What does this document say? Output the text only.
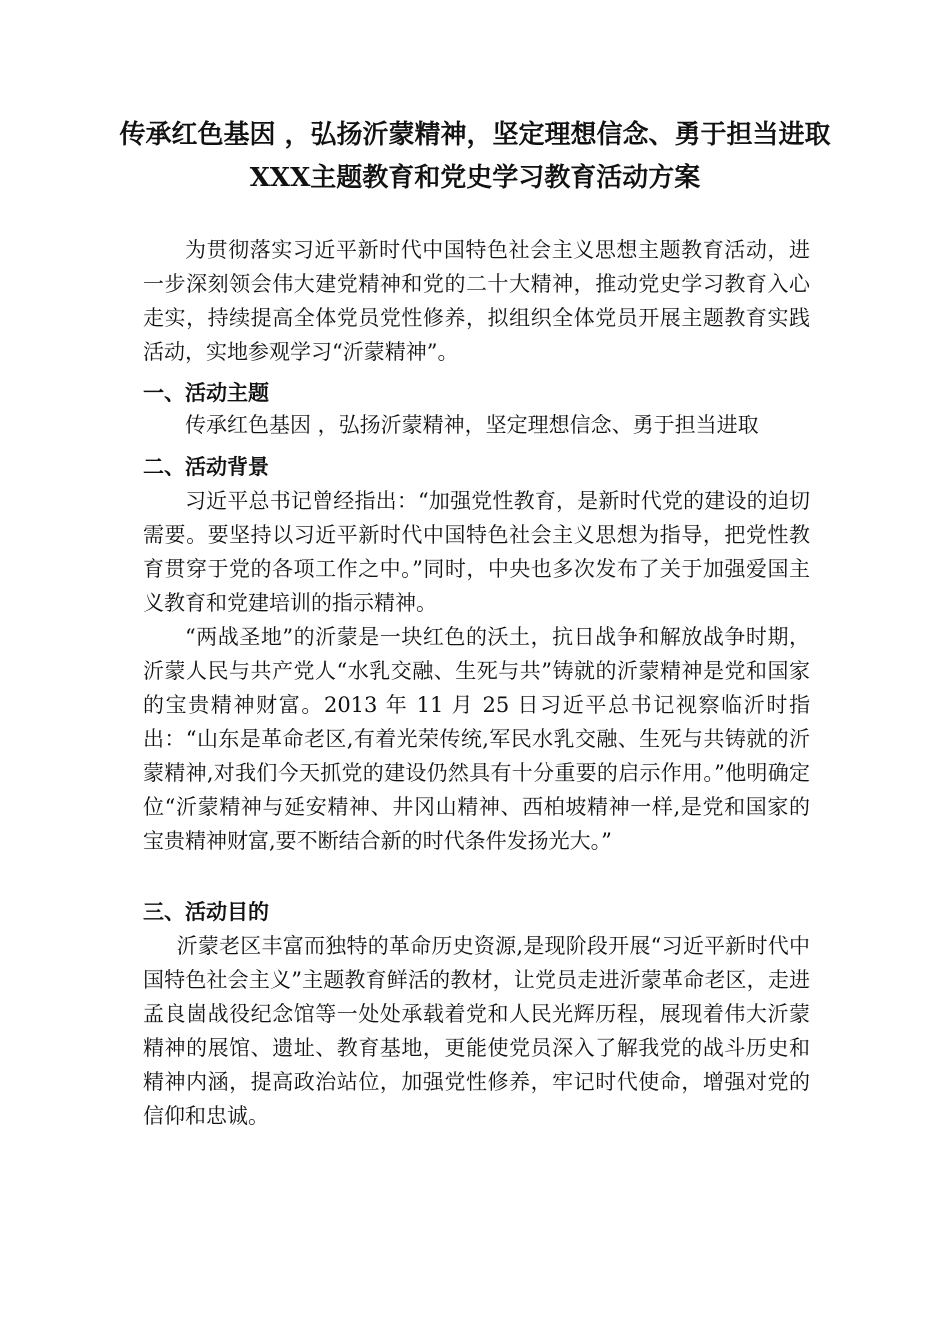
传承红色基因 ，弘扬沂蒙精神，坚定理想信念、勇于担当进取
XXX主题教育和党史学习教育活动方案

为贯彻落实习近平新时代中国特色社会主义思想主题教育活动，进一步深刻领会伟大建党精神和党的二十大精神，推动党史学习教育入心走实，持续提高全体党员党性修养，拟组织全体党员开展主题教育实践活动，实地参观学习“沂蒙精神”。

一、活动主题

传承红色基因 ，弘扬沂蒙精神，坚定理想信念、勇于担当进取

二、活动背景

习近平总书记曾经指出：“加强党性教育，是新时代党的建设的迫切需要。要坚持以习近平新时代中国特色社会主义思想为指导，把党性教育贯穿于党的各项工作之中。”同时，中央也多次发布了关于加强爱国主义教育和党建培训的指示精神。

“两战圣地”的沂蒙是一块红色的沃土，抗日战争和解放战争时期，沂蒙人民与共产党人“水乳交融、生死与共”铸就的沂蒙精神是党和国家的宝贵精神财富。2013 年 11 月 25 日习近平总书记视察临沂时指出：“山东是革命老区,有着光荣传统,军民水乳交融、生死与共铸就的沂蒙精神,对我们今天抓党的建设仍然具有十分重要的启示作用。”他明确定位“沂蒙精神与延安精神、井冈山精神、西柏坡精神一样,是党和国家的宝贵精神财富,要不断结合新的时代条件发扬光大。”

三、活动目的

沂蒙老区丰富而独特的革命历史资源,是现阶段开展“习近平新时代中国特色社会主义”主题教育鲜活的教材，让党员走进沂蒙革命老区，走进孟良崮战役纪念馆等一处处承载着党和人民光辉历程，展现着伟大沂蒙精神的展馆、遗址、教育基地，更能使党员深入了解我党的战斗历史和精神内涵，提高政治站位，加强党性修养，牢记时代使命，增强对党的信仰和忠诚。
